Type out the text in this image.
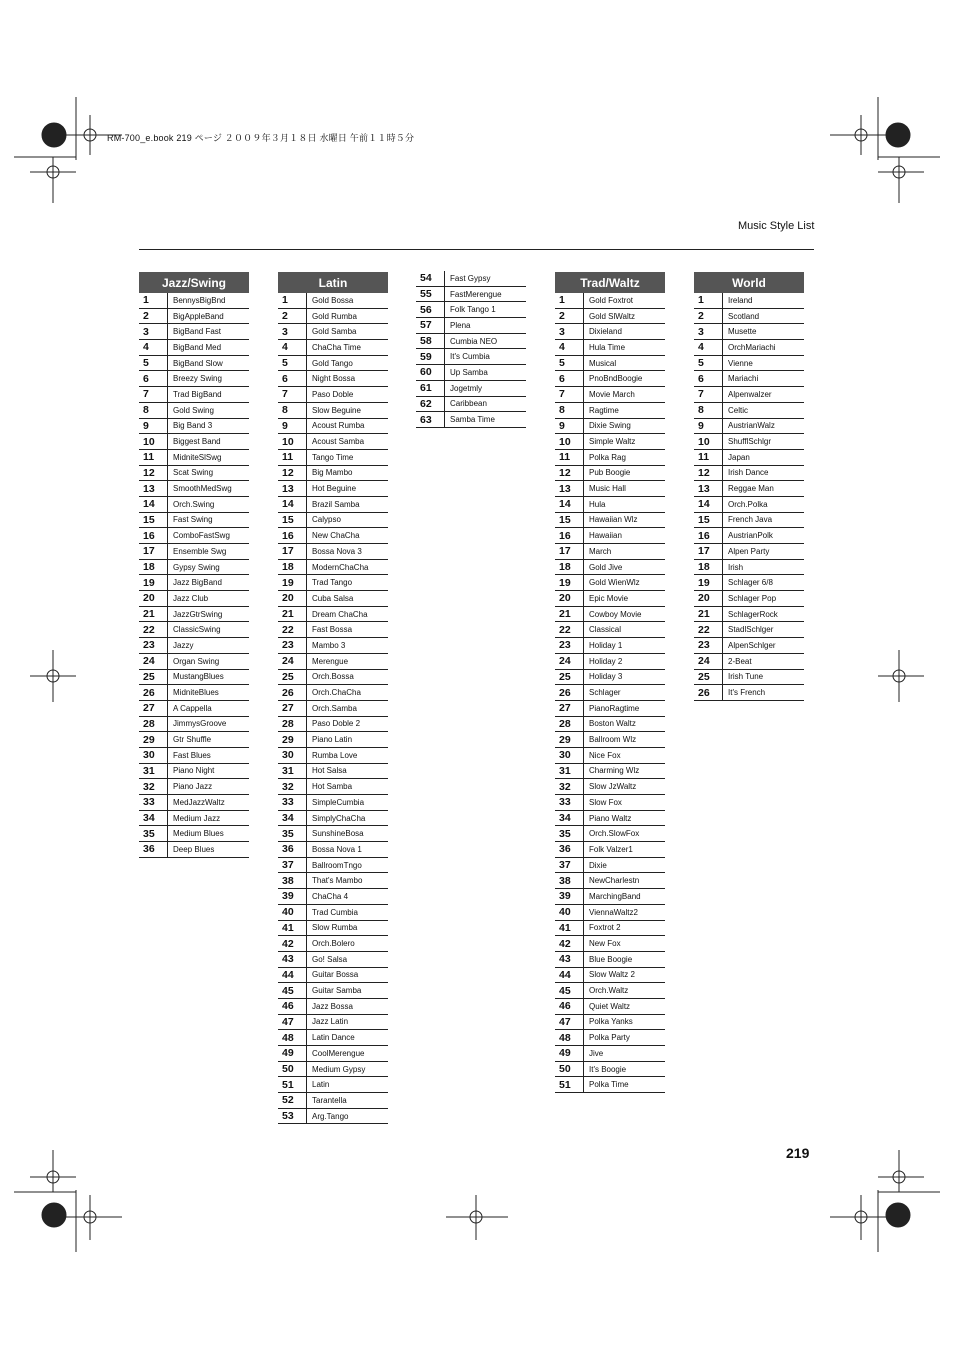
RM-700_e.book 219 ページ ２００９年３月１８日 水曜日 午前１１時５分
Music Style List
Jazz/Swing
1	BennysBigBnd
2	BigAppleBand
3	BigBand Fast
4	BigBand Med
5	BigBand Slow
6	Breezy Swing
7	Trad BigBand
8	Gold Swing
9	Big Band 3
10	Biggest Band
11	MidniteSlSwg
12	Scat Swing
13	SmoothMedSwg
14	Orch.Swing
15	Fast Swing
16	ComboFastSwg
17	Ensemble Swg
18	Gypsy Swing
19	Jazz BigBand
20	Jazz Club
21	JazzGtrSwing
22	ClassicSwing
23	Jazzy
24	Organ Swing
25	MustangBlues
26	MidniteBlues
27	A Cappella
28	JimmysGroove
29	Gtr Shuffle
30	Fast Blues
31	Piano Night
32	Piano Jazz
33	MedJazzWaltz
34	Medium Jazz
35	Medium Blues
36	Deep Blues
Latin
1	Gold Bossa
2	Gold Rumba
3	Gold Samba
4	ChaCha Time
5	Gold Tango
6	Night Bossa
7	Paso Doble
8	Slow Beguine
9	Acoust Rumba
10	Acoust Samba
11	Tango Time
12	Big Mambo
13	Hot Beguine
14	Brazil Samba
15	Calypso
16	New ChaCha
17	Bossa Nova 3
18	ModernChaCha
19	Trad Tango
20	Cuba Salsa
21	Dream ChaCha
22	Fast Bossa
23	Mambo 3
24	Merengue
25	Orch.Bossa
26	Orch.ChaCha
27	Orch.Samba
28	Paso Doble 2
29	Piano Latin
30	Rumba Love
31	Hot Salsa
32	Hot Samba
33	SimpleCumbia
34	SimplyChaCha
35	SunshineBosa
36	Bossa Nova 1
37	BallroomTngo
38	That's Mambo
39	ChaCha 4
40	Trad Cumbia
41	Slow Rumba
42	Orch.Bolero
43	Go! Salsa
44	Guitar Bossa
45	Guitar Samba
46	Jazz Bossa
47	Jazz Latin
48	Latin Dance
49	CoolMerengue
50	Medium Gypsy
51	Latin
52	Tarantella
53	Arg.Tango
54	Fast Gypsy
55	FastMerengue
56	Folk Tango 1
57	Plena
58	Cumbia NEO
59	It's Cumbia
60	Up Samba
61	Jogetmly
62	Caribbean
63	Samba Time
Trad/Waltz
1	Gold Foxtrot
2	Gold SlWaltz
3	Dixieland
4	Hula Time
5	Musical
6	PnoBndBoogie
7	Movie March
8	Ragtime
9	Dixie Swing
10	Simple Waltz
11	Polka Rag
12	Pub Boogie
13	Music Hall
14	Hula
15	Hawaiian Wlz
16	Hawaiian
17	March
18	Gold Jive
19	Gold WienWlz
20	Epic Movie
21	Cowboy Movie
22	Classical
23	Holiday 1
24	Holiday 2
25	Holiday 3
26	Schlager
27	PianoRagtime
28	Boston Waltz
29	Ballroom Wlz
30	Nice Fox
31	Charming Wlz
32	Slow JzWaltz
33	Slow Fox
34	Piano Waltz
35	Orch.SlowFox
36	Folk Valzer1
37	Dixie
38	NewCharlestn
39	MarchingBand
40	ViennaWaltz2
41	Foxtrot 2
42	New Fox
43	Blue Boogie
44	Slow Waltz 2
45	Orch.Waltz
46	Quiet Waltz
47	Polka Yanks
48	Polka Party
49	Jive
50	It's Boogie
51	Polka Time
World
1	Ireland
2	Scotland
3	Musette
4	OrchMariachi
5	Vienne
6	Mariachi
7	Alpenwalzer
8	Celtic
9	AustrianWalz
10	ShufflSchlgr
11	Japan
12	Irish Dance
13	Reggae Man
14	Orch.Polka
15	French Java
16	AustrianPolk
17	Alpen Party
18	Irish
19	Schlager 6/8
20	Schlager Pop
21	SchlagerRock
22	StadlSchlger
23	AlpenSchlger
24	2-Beat
25	Irish Tune
26	It's French
219
